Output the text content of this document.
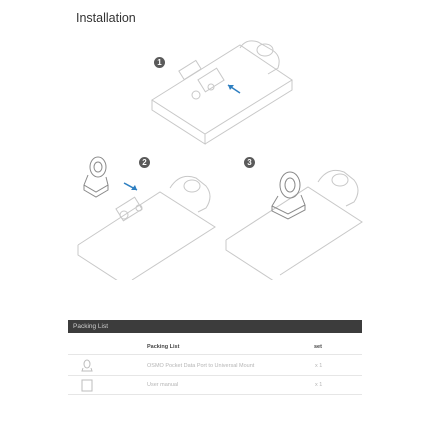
Installation
1
2	3
Packing List
Packing List	set
OSMO Pocket Data Port to Universal Mount	x 1
User manual	x 1
